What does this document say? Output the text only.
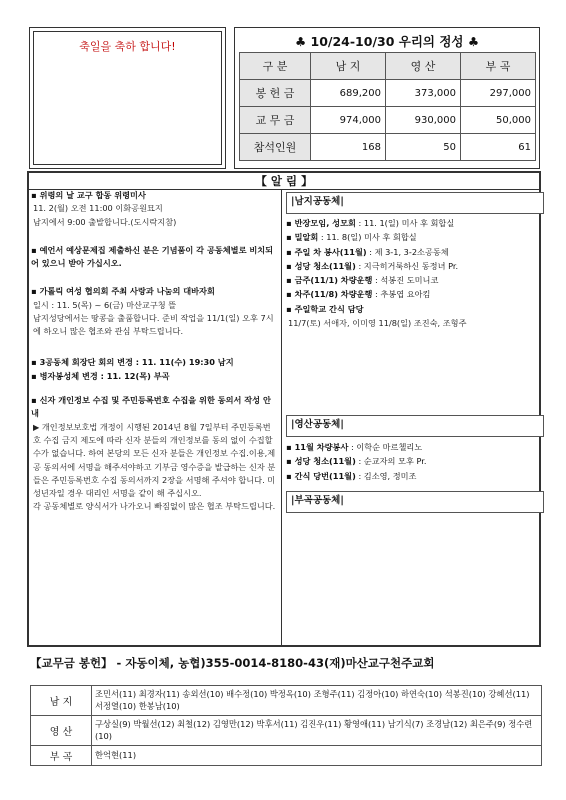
축일을 축하 합니다!	♣ 10/24-10/30 우리의 정성 ♣
구 분	남 지	영 산	부 곡
봉 헌 금	689,200	373,000	297,000
교 무 금	974,000	930,000	50,000
참석인원	168	50	61
【 알 림 】
▪ 위령의 날 교구 합동 위령미사
11. 2(월) 오전 11:00 이화공원묘지
남지에서 9:00 출발합니다.(도시락지참)
▪ 예언서 예상문제집 제출하신 분은 기념품이 각 공동체별로 비치되어 있으니 받아 가십시오.
▪ 가톨릭 여성 협의회 주최 사랑과 나눔의 대바자회
일시 : 11. 5(목) ~ 6(금) 마산교구청 뜰
남지성당에서는 땅콩을 출품합니다. 준비 작업을 11/1(일) 오후 7시에 하오니 많은 협조와 관심 부탁드립니다.
▪ 3공동체 회장단 회의 변경 : 11. 11(수) 19:30 남지
▪ 병자봉성체 변경 : 11. 12(목) 부곡
▪ 신자 개인정보 수집 및 주민등록번호 수집을 위한 동의서 작성 안내
▶ 개인정보보호법 개정이 시행된 2014년 8월 7일부터 주민등록번호 수집 금지 제도에 따라 신자 분들의 개인정보를 동의 없이 수집할 수가 없습니다. 하여 본당의 모든 신자 분들은 개인정보 수집.이용,제공 동의서에 서명을 해주셔야하고 기부금 영수증을 발급하는 신자 분들은 주민등록번호 수집 동의서까지 2장을 서명해 주셔야 합니다. 미성년자일 경우 대리인 서명을 같이 해 주십시오.
각 공동체별로 양식서가 나가오니 빠짐없이 많은 협조 부탁드립니다.
|남지공동체|
▪ 반장모임, 성모회 : 11. 1(일) 미사 후 회합실
▪ 밀알회 : 11. 8(일) 미사 후 회합실
▪ 주일 차 봉사(11월) : 제 3-1, 3-2소공동체
▪ 성당 청소(11월) : 지극히거룩하신 동정녀 Pr.
▪ 금주(11/1) 차량운행 : 석봉진 도미니코
▪ 차주(11/8) 차량운행 : 추봉엽 요아킴
▪ 주일학교 간식 담당
11/7(토) 서애자, 이미영 11/8(일) 조진숙, 조형주
|영산공동체|
▪ 11월 차량봉사 : 이학순 마르첼리노
▪ 성당 청소(11월) : 순교자의 모후 Pr.
▪ 간식 당번(11월) : 김소영, 정미조
|부곡공동체|
【교무금 봉헌】 - 자동이체, 농협)355-0014-8180-43(재)마산교구천주교회
남 지	조민서(11) 최경자(11) 송외선(10) 배수정(10) 박정옥(10) 조형주(11) 김정아(10) 하연숙(10) 석봉진(10) 강혜선(11) 서정열(10) 한봉남(10)
영 산	구상실(9) 박월선(12) 최철(12) 김영만(12) 박후서(11) 김진우(11) 황영애(11) 남기식(7) 조경남(12) 최은주(9) 정수련(10)
부 곡	한억현(11)
